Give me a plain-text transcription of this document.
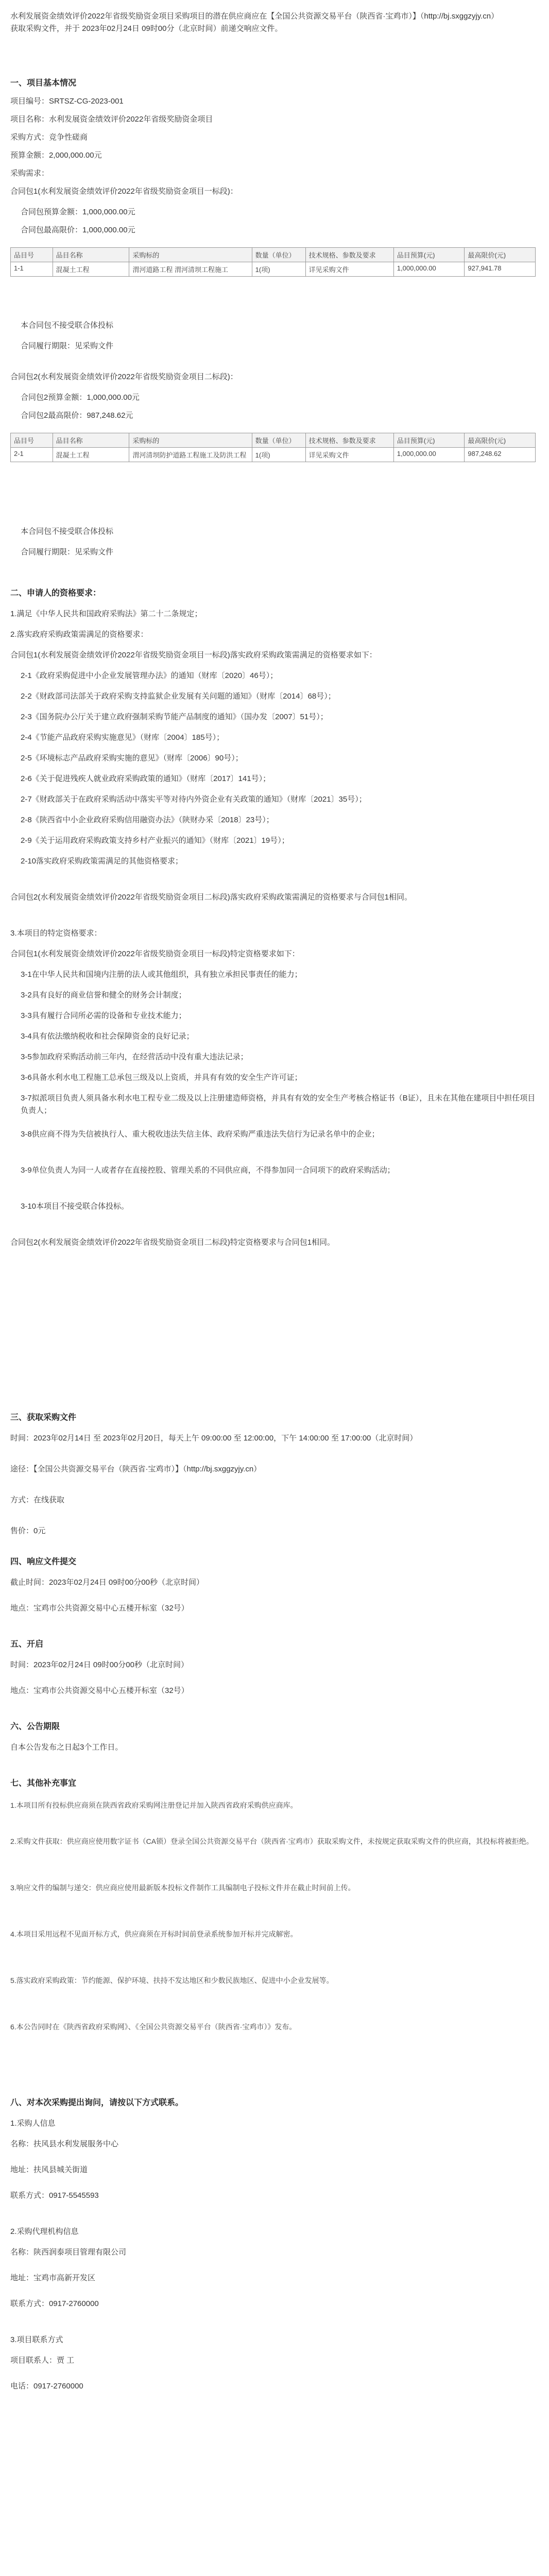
水利发展资金绩效评价2022年省级奖励资金项目采购项目的潜在供应商应在【全国公共资源交易平台（陕西省·宝鸡市）】（http://bj.sxggzyjy.cn）
获取采购文件，并于 2023年02月24日 09时00分（北京时间）前递交响应文件。
一、项目基本情况
项目编号：SRTSZ-CG-2023-001
项目名称：水利发展资金绩效评价2022年省级奖励资金项目
采购方式：竞争性磋商
预算金额：2,000,000.00元
采购需求：
合同包1(水利发展资金绩效评价2022年省级奖励资金项目一标段)：
合同包预算金额：1,000,000.00元
合同包最高限价：1,000,000.00元
品目号	品目名称	采购标的	数量（单位）	技术规格、参数及要求	品目预算(元)	最高限价(元)
1-1	混凝土工程	渭河道路工程 渭河清坝工程施工	1(项)	详见采购文件	1,000,000.00	927,941.78
本合同包不接受联合体投标
合同履行期限：见采购文件
合同包2(水利发展资金绩效评价2022年省级奖励资金项目二标段)：
合同包2预算金额：1,000,000.00元
合同包2最高限价：987,248.62元
品目号	品目名称	采购标的	数量（单位）	技术规格、参数及要求	品目预算(元)	最高限价(元)
2-1	混凝土工程	渭河清坝防护道路工程施工及防洪工程	1(项)	详见采购文件	1,000,000.00	987,248.62
本合同包不接受联合体投标
合同履行期限：见采购文件
二、申请人的资格要求：
1.满足《中华人民共和国政府采购法》第二十二条规定；
2.落实政府采购政策需满足的资格要求：
合同包1(水利发展资金绩效评价2022年省级奖励资金项目一标段)落实政府采购政策需满足的资格要求如下：
2-1《政府采购促进中小企业发展管理办法》的通知（财库〔2020〕46号）；
2-2《财政部司法部关于政府采购支持监狱企业发展有关问题的通知》（财库〔2014〕68号）；
2-3《国务院办公厅关于建立政府强制采购节能产品制度的通知》（国办发〔2007〕51号）；
2-4《节能产品政府采购实施意见》（财库〔2004〕185号）；
2-5《环境标志产品政府采购实施的意见》（财库〔2006〕90号）；
2-6《关于促进残疾人就业政府采购政策的通知》（财库〔2017〕141号）；
2-7《财政部关于在政府采购活动中落实平等对待内外资企业有关政策的通知》（财库〔2021〕35号）；
2-8《陕西省中小企业政府采购信用融资办法》（陕财办采〔2018〕23号）；
2-9《关于运用政府采购政策支持乡村产业振兴的通知》（财库〔2021〕19号）；
2-10落实政府采购政策需满足的其他资格要求；
合同包2(水利发展资金绩效评价2022年省级奖励资金项目二标段)落实政府采购政策需满足的资格要求与合同包1相同。
3.本项目的特定资格要求：
合同包1(水利发展资金绩效评价2022年省级奖励资金项目一标段)特定资格要求如下：
3-1在中华人民共和国境内注册的法人或其他组织，具有独立承担民事责任的能力；
3-2具有良好的商业信誉和健全的财务会计制度；
3-3具有履行合同所必需的设备和专业技术能力；
3-4具有依法缴纳税收和社会保障资金的良好记录；
3-5参加政府采购活动前三年内，在经营活动中没有重大违法记录；
3-6具备水利水电工程施工总承包三级及以上资质，并具有有效的安全生产许可证；
3-7拟派项目负责人须具备水利水电工程专业二级及以上注册建造师资格，并具有有效的安全生产考核合格证书（B证），且未在其他在建项目中担任项目负责人；
3-8供应商不得为失信被执行人、重大税收违法失信主体、政府采购严重违法失信行为记录名单中的企业；
3-9单位负责人为同一人或者存在直接控股、管理关系的不同供应商，不得参加同一合同项下的政府采购活动；
3-10本项目不接受联合体投标。
合同包2(水利发展资金绩效评价2022年省级奖励资金项目二标段)特定资格要求与合同包1相同。
三、获取采购文件
时间：2023年02月14日 至 2023年02月20日，每天上午 09:00:00 至 12:00:00，下午 14:00:00 至 17:00:00（北京时间）
途径：【全国公共资源交易平台（陕西省·宝鸡市）】（http://bj.sxggzyjy.cn）
方式：在线获取
售价：0元
四、响应文件提交
截止时间：2023年02月24日 09时00分00秒（北京时间）
地点：宝鸡市公共资源交易中心五楼开标室（32号）
五、开启
时间：2023年02月24日 09时00分00秒（北京时间）
地点：宝鸡市公共资源交易中心五楼开标室（32号）
六、公告期限
自本公告发布之日起3个工作日。
七、其他补充事宜
1.本项目所有投标供应商须在陕西省政府采购网注册登记并加入陕西省政府采购供应商库。
2.采购文件获取：供应商应使用数字证书（CA锁）登录全国公共资源交易平台（陕西省·宝鸡市）获取采购文件，未按规定获取采购文件的供应商，其投标将被拒绝。
3.响应文件的编制与递交：供应商应使用最新版本投标文件制作工具编制电子投标文件并在截止时间前上传。
4.本项目采用远程不见面开标方式，供应商须在开标时间前登录系统参加开标并完成解密。
5.落实政府采购政策：节约能源、保护环境、扶持不发达地区和少数民族地区、促进中小企业发展等。
6.本公告同时在《陕西省政府采购网》、《全国公共资源交易平台（陕西省·宝鸡市）》发布。
八、对本次采购提出询问，请按以下方式联系。
1.采购人信息
名称：扶风县水利发展服务中心
地址：扶风县城关街道
联系方式：0917-5545593
2.采购代理机构信息
名称：陕西润泰项目管理有限公司
地址：宝鸡市高新开发区
联系方式：0917-2760000
3.项目联系方式
项目联系人：贾 工
电话：0917-2760000
